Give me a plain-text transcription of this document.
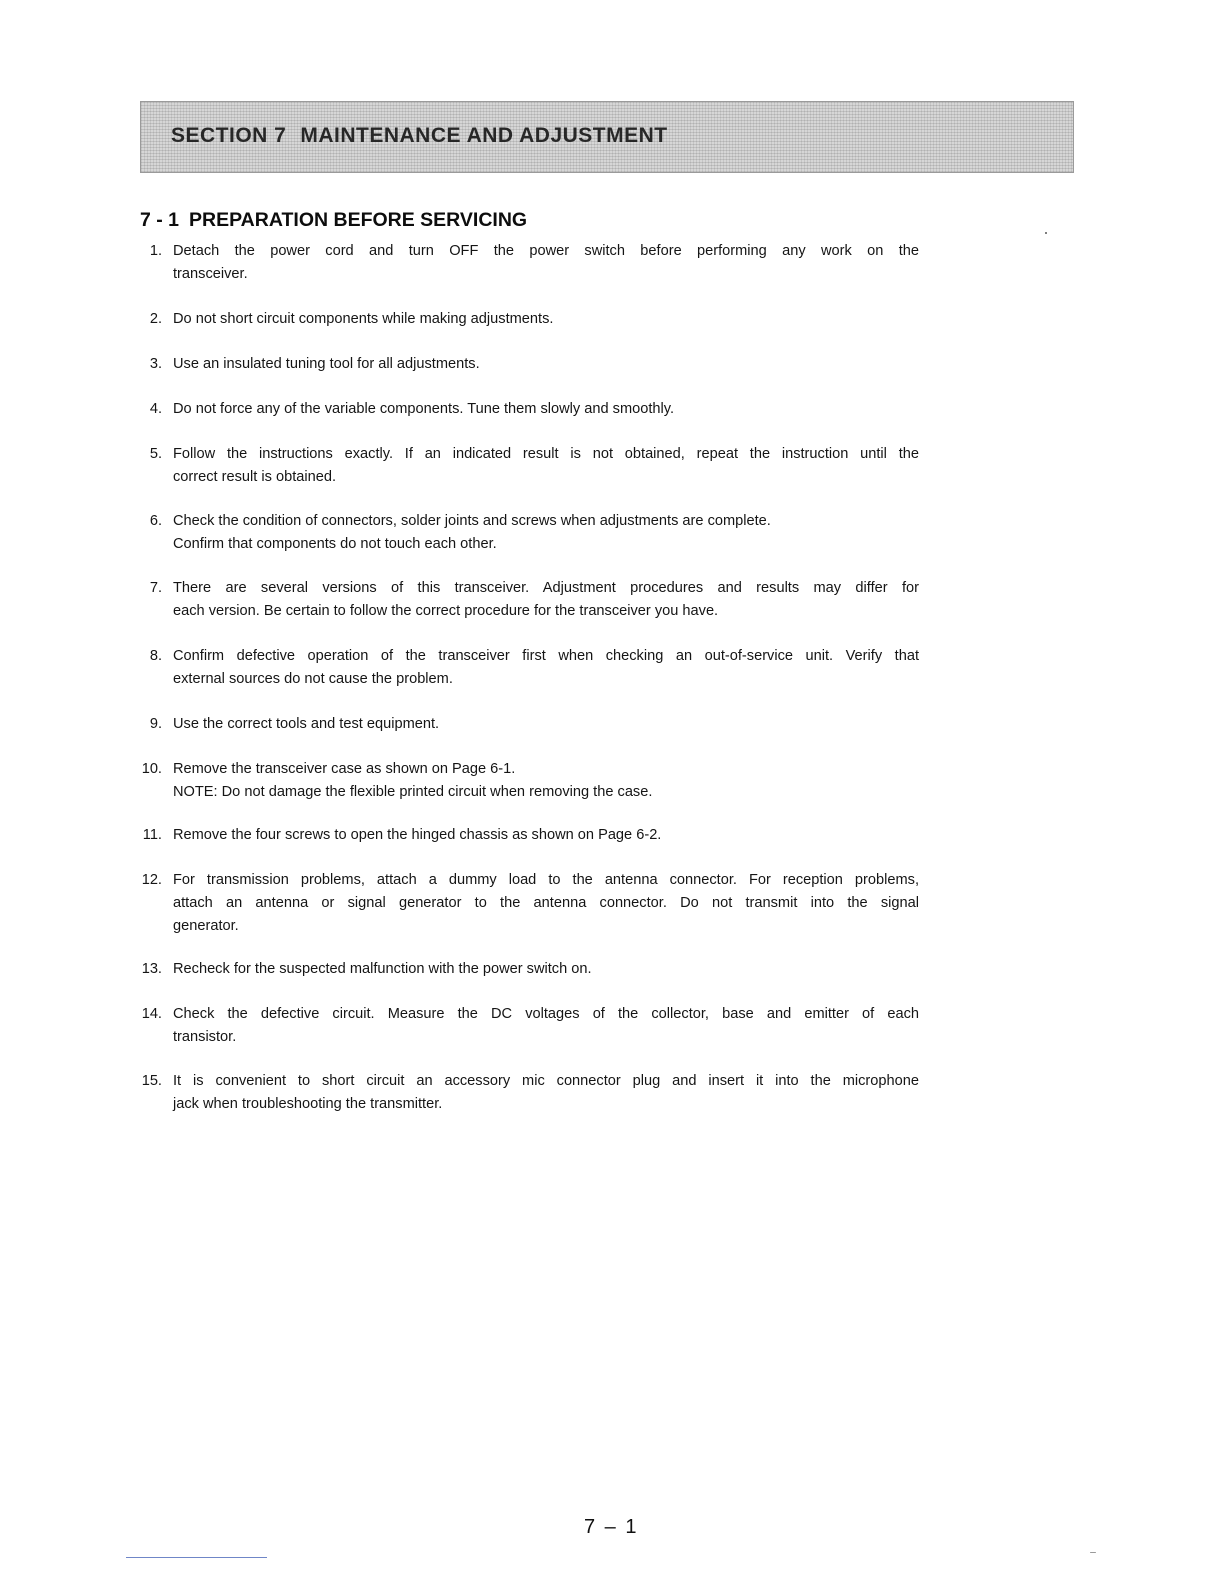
SECTION 7 MAINTENANCE AND ADJUSTMENT
7 - 1 PREPARATION BEFORE SERVICING
1. Detach the power cord and turn OFF the power switch before performing any work on the
transceiver.
2. Do not short circuit components while making adjustments.
3. Use an insulated tuning tool for all adjustments.
4. Do not force any of the variable components. Tune them slowly and smoothly.
5. Follow the instructions exactly. If an indicated result is not obtained, repeat the instruction until the
correct result is obtained.
6. Check the condition of connectors, solder joints and screws when adjustments are complete.
Confirm that components do not touch each other.
7. There are several versions of this transceiver. Adjustment procedures and results may differ for
each version. Be certain to follow the correct procedure for the transceiver you have.
8. Confirm defective operation of the transceiver first when checking an out-of-service unit. Verify that
external sources do not cause the problem.
9. Use the correct tools and test equipment.
10. Remove the transceiver case as shown on Page 6-1.
NOTE: Do not damage the flexible printed circuit when removing the case.
11. Remove the four screws to open the hinged chassis as shown on Page 6-2.
12. For transmission problems, attach a dummy load to the antenna connector. For reception problems,
attach an antenna or signal generator to the antenna connector. Do not transmit into the signal
generator.
13. Recheck for the suspected malfunction with the power switch on.
14. Check the defective circuit. Measure the DC voltages of the collector, base and emitter of each
transistor.
15. It is convenient to short circuit an accessory mic connector plug and insert it into the microphone
jack when troubleshooting the transmitter.
7 – 1
